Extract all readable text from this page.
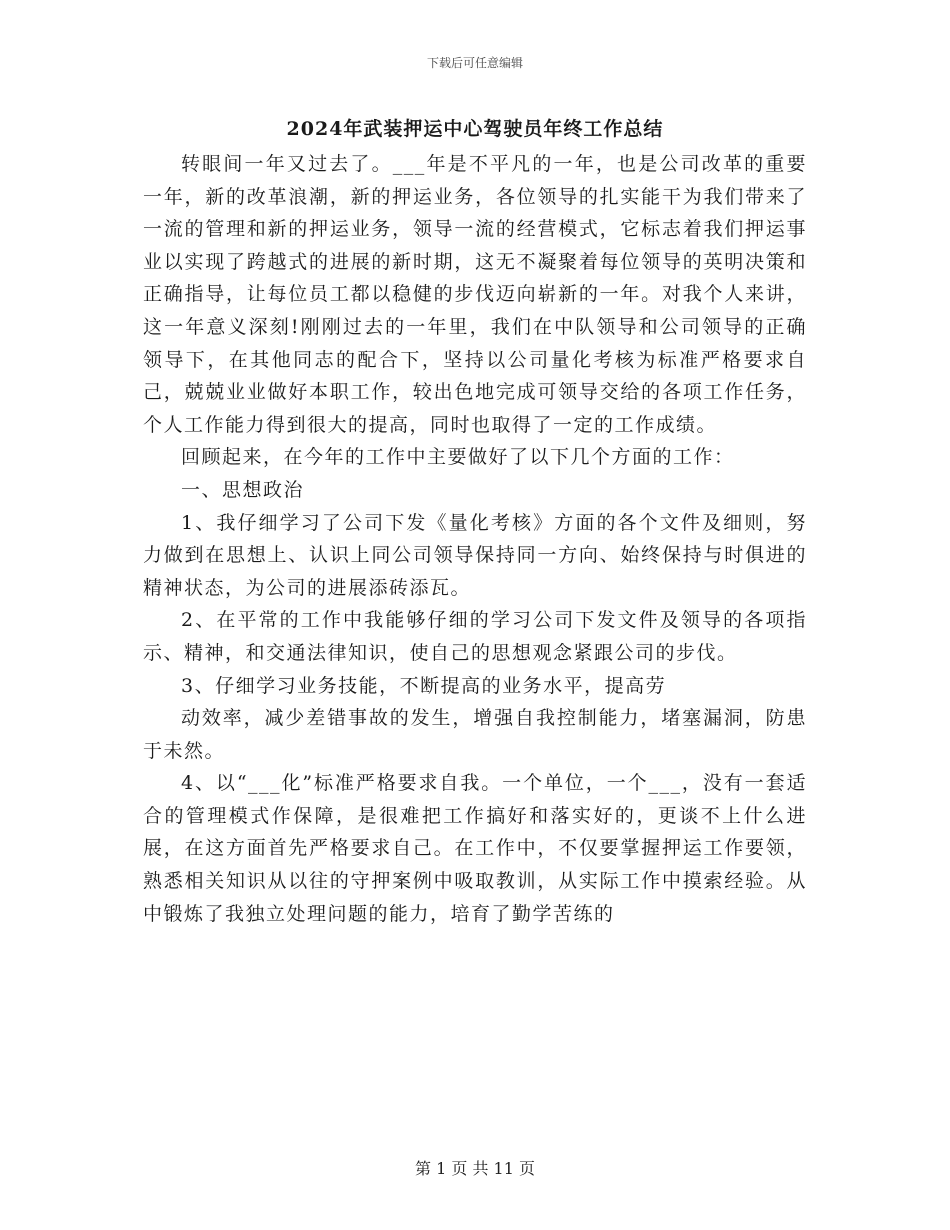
下载后可任意编辑
2024年武装押运中心驾驶员年终工作总结

转眼间一年又过去了。___年是不平凡的一年，也是公司改革的重要一年，新的改革浪潮，新的押运业务，各位领导的扎实能干为我们带来了一流的管理和新的押运业务，领导一流的经营模式，它标志着我们押运事业以实现了跨越式的进展的新时期，这无不凝聚着每位领导的英明决策和正确指导，让每位员工都以稳健的步伐迈向崭新的一年。对我个人来讲，这一年意义深刻!刚刚过去的一年里，我们在中队领导和公司领导的正确领导下，在其他同志的配合下，坚持以公司量化考核为标准严格要求自己，兢兢业业做好本职工作，较出色地完成可领导交给的各项工作任务，个人工作能力得到很大的提高，同时也取得了一定的工作成绩。

回顾起来，在今年的工作中主要做好了以下几个方面的工作：

一、思想政治

1、我仔细学习了公司下发《量化考核》方面的各个文件及细则，努力做到在思想上、认识上同公司领导保持同一方向、始终保持与时俱进的精神状态，为公司的进展添砖添瓦。

2、在平常的工作中我能够仔细的学习公司下发文件及领导的各项指示、精神，和交通法律知识，使自己的思想观念紧跟公司的步伐。

3、仔细学习业务技能，不断提高的业务水平，提高劳

动效率，减少差错事故的发生，增强自我控制能力，堵塞漏洞，防患于未然。

4、以“___化”标准严格要求自我。一个单位，一个___，没有一套适合的管理模式作保障，是很难把工作搞好和落实好的，更谈不上什么进展，在这方面首先严格要求自己。在工作中，不仅要掌握押运工作要领，熟悉相关知识从以往的守押案例中吸取教训，从实际工作中摸索经验。从中锻炼了我独立处理问题的能力，培育了勤学苦练的

第 1 页 共 11 页
